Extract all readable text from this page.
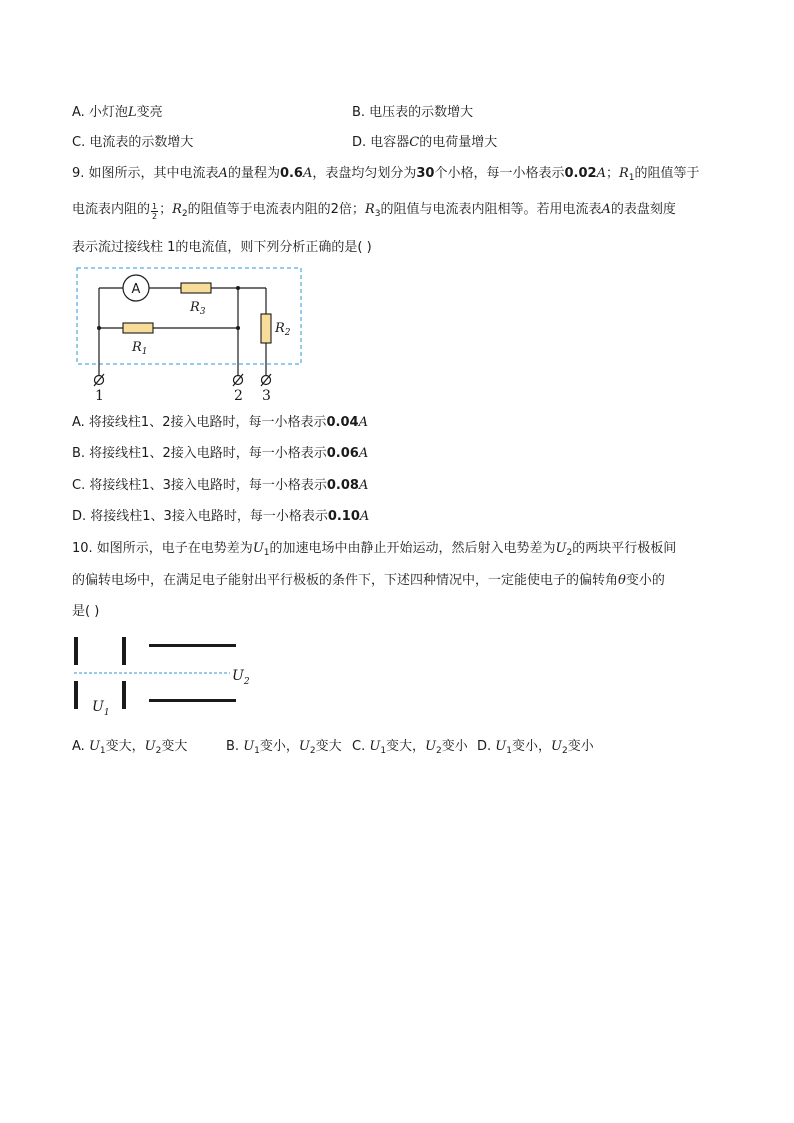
A. 小灯泡L变亮	B. 电压表的示数增大
C. 电流表的示数增大	D. 电容器C的电荷量增大
9. 如图所示，其中电流表A的量程为0.6A，表盘均匀划分为30个小格，每一小格表示0.02A；$R_1$的阻值等于
电流表内阻的 $\frac{1}{2}$ ；$R_2$的阻值等于电流表内阻的2倍；$R_3$的阻值与电流表内阻相等。若用电流表A的表盘刻度
表示流过接线柱 1的电流值，则下列分析正确的是( )
A
$R_3$
$R_1$
$R_2$
1	2 3
A. 将接线柱1、2接入电路时，每一小格表示0.04A
B. 将接线柱1、2接入电路时，每一小格表示0.06A
C. 将接线柱1、3接入电路时，每一小格表示0.08A
D. 将接线柱1、3接入电路时，每一小格表示0.10A
10. 如图所示，电子在电势差为$U_1$的加速电场中由静止开始运动，然后射入电势差为$U_2$的两块平行极板间
的偏转电场中，在满足电子能射出平行极板的条件下，下述四种情况中，一定能使电子的偏转角θ变小的
是( )
$U_2$
$U_1$
A. $U_1$变大，$U_2$变大	B. $U_1$变小，$U_2$变大 C. $U_1$变大，$U_2$变小 D. $U_1$变小，$U_2$变小
